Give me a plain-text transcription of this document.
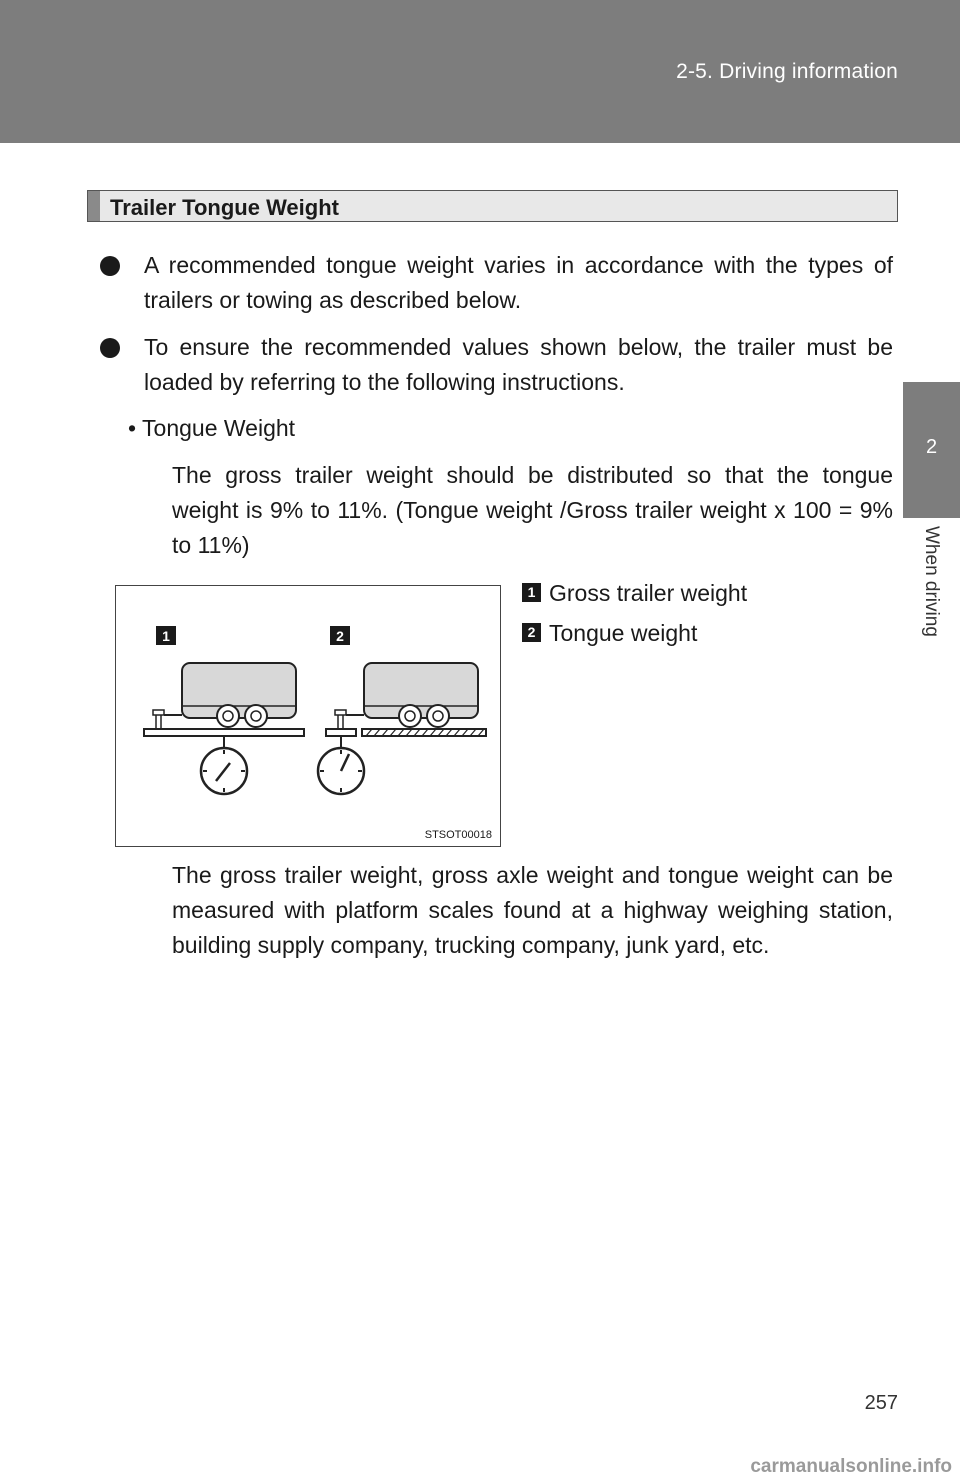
2-5. Driving information
2
When driving
Trailer Tongue Weight
A recommended tongue weight varies in accordance with the types of trailers or towing as described below.
To ensure the recommended values shown below, the trailer must be loaded by referring to the following instructions.
• Tongue Weight
The gross trailer weight should be distributed so that the tongue weight is 9% to 11%. (Tongue weight /Gross trailer weight x 100 = 9% to 11%)
1	2
STSOT00018
1 Gross trailer weight
2 Tongue weight
The gross trailer weight, gross axle weight and tongue weight can be measured with platform scales found at a highway weighing station, building supply company, trucking company, junk yard, etc.
257
carmanualsonline.info
